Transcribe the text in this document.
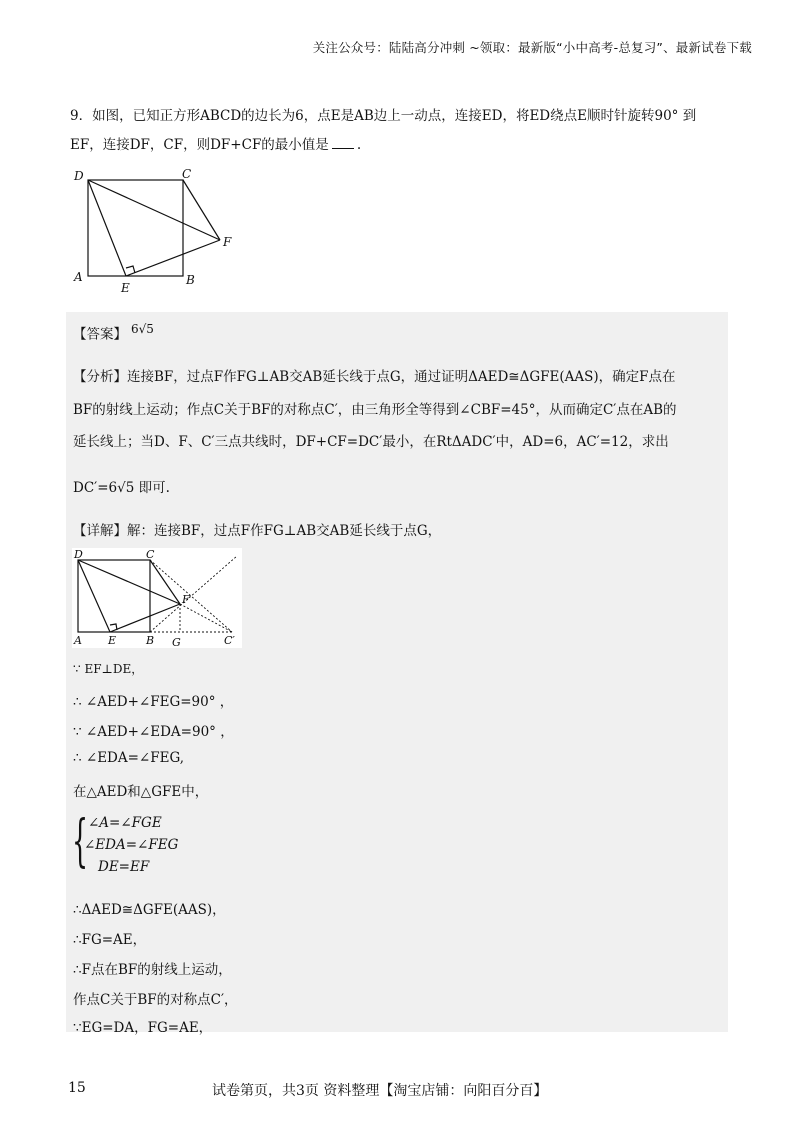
关注公众号：陆陆高分冲刺 ~领取：最新版“小中高考-总复习”、最新试卷下载
9．如图，已知正方形ABCD的边长为6，点E是AB边上一动点，连接ED，将ED绕点E顺时针旋转90° 到
EF，连接DF，CF，则DF+CF的最小值是 .
D	C
F
A
E
B
【答案】 6√5
【分析】连接BF，过点F作FG⊥AB交AB延长线于点G，通过证明ΔAED≅ΔGFE(AAS)，确定F点在
BF的射线上运动；作点C关于BF的对称点C′，由三角形全等得到∠CBF=45°，从而确定C′点在AB的
延长线上；当D、F、C′三点共线时，DF+CF=DC′最小，在RtΔADC′中，AD=6，AC′=12，求出
DC′=6√5 即可.
【详解】解：连接BF，过点F作FG⊥AB交AB延长线于点G，
D	C
F
A E	B G	C′
∵ EF⊥DE，
∴ ∠AED+∠FEG=90° ，
∵ ∠AED+∠EDA=90° ，
∴ ∠EDA=∠FEG,
在△AED和△GFE中，
{ ∠A=∠FGE
∠EDA=∠FEG
DE=EF
∴ΔAED≅ΔGFE(AAS)，
∴FG=AE，
∴F点在BF的射线上运动，
作点C关于BF的对称点C′，
∵EG=DA，FG=AE，
15	试卷第页，共3页 资料整理【淘宝店铺：向阳百分百】
